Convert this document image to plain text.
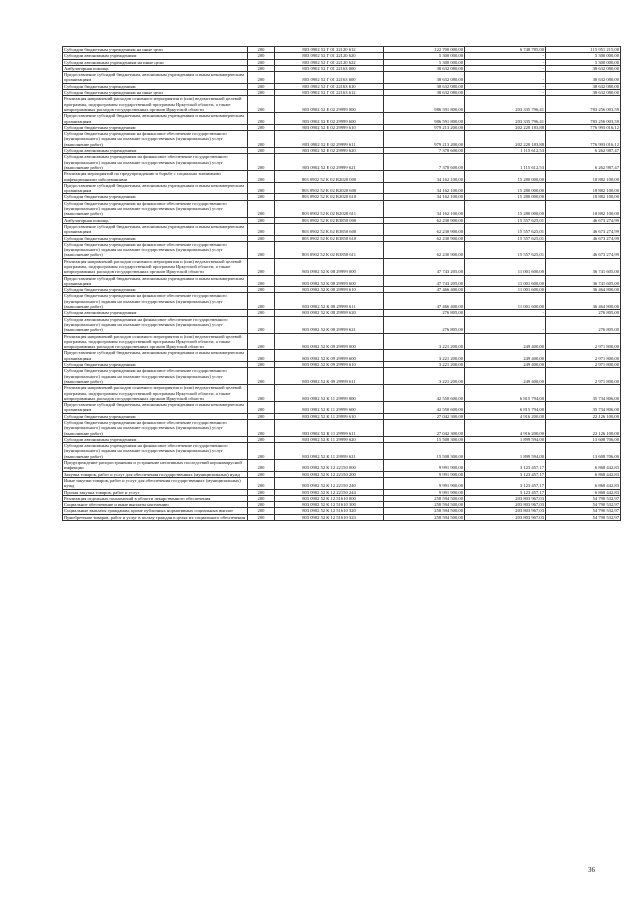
Субсидии бюджетным учреждениям на иные цели	200	803 0902 52 Г 01 22120 612	122 700 000,00	6 748 785,00	115 951 215,00
Субсидии автономным учреждениям	200	803 0902 52 Г 01 22120 620	5 300 000,00	-	5 300 000,00
Субсидии автономным учреждениям на иные цели	200	803 0902 52 Г 01 22120 622	5 300 000,00	-	5 300 000,00
Амбулаторная помощь	200	803 0902 52 Г 01 22163 000	38 632 080,00	-	38 632 080,00
Предоставление субсидий бюджетным, автономным учреждениям и иным некоммерческим организациям	200	803 0902 52 Г 01 22163 600	38 632 080,00	-	38 632 080,00
Субсидии бюджетным учреждениям	200	803 0902 52 Г 01 22163 610	38 632 080,00	-	38 632 080,00
Субсидии бюджетным учреждениям на иные цели	200	803 0902 52 Г 01 22163 612	38 632 080,00	-	38 632 080,00
Реализация направлений расходов основного мероприятия и (или) ведомственной целевой программы, подпрограммы государственной программы Иркутской области, а также непрограммных расходов государственных органов Иркутской области	200	803 0902 52 Е 02 29999 000	986 591 800,00	203 335 796,41	783 256 003,59
Предоставление субсидий бюджетным, автономным учреждениям и иным некоммерческим организациям	200	803 0902 52 Е 02 29999 600	986 591 800,00	203 335 796,41	783 256 003,59
Субсидии бюджетным учреждениям	200	803 0902 52 Е 02 29999 610	979 213 200,00	202 220 183,88	776 993 016,12
Субсидии бюджетным учреждениям на финансовое обеспечение государственного (муниципального) задания на оказание государственных (муниципальных) услуг (выполнение работ)	200	803 0902 52 Е 02 29999 611	979 213 200,00	202 220 183,88	776 993 016,12
Субсидии автономным учреждениям	200	803 0902 52 Е 02 29999 620	7 378 600,00	1 115 612,53	6 262 987,47
Субсидии автономным учреждениям на финансовое обеспечение государственного (муниципального) задания на оказание государственных (муниципальных) услуг (выполнение работ)	200	803 0902 52 Е 02 29999 621	7 378 600,00	1 115 612,53	6 262 987,47
Реализация мероприятий по предупреждению и борьбе с социально значимыми инфекционными заболеваниями	200	803 0902 52 К 02 R2020 000	34 162 100,00	15 280 000,00	18 882 100,00
Предоставление субсидий бюджетным, автономным учреждениям и иным некоммерческим организациям	200	803 0902 52 К 02 R2020 600	34 162 100,00	15 280 000,00	18 882 100,00
Субсидии бюджетным учреждениям	200	803 0902 52 К 02 R2020 610	34 162 100,00	15 280 000,00	18 882 100,00
Субсидии бюджетным учреждениям на финансовое обеспечение государственного (муниципального) задания на оказание государственных (муниципальных) услуг (выполнение работ)	200	803 0902 52 К 02 R2020 611	34 162 100,00	15 280 000,00	18 882 100,00
Амбулаторная помощь	200	803 0902 52 К 02 R3850 000	62 230 900,00	15 557 625,01	46 673 274,99
Предоставление субсидий бюджетным, автономным учреждениям и иным некоммерческим организациям	200	803 0902 52 К 02 R3850 600	62 230 900,00	15 557 625,01	46 673 274,99
Субсидии бюджетным учреждениям	200	803 0902 52 К 02 R3850 610	62 230 900,00	15 557 625,01	46 673 274,99
Субсидии бюджетным учреждениям на финансовое обеспечение государственного (муниципального) задания на оказание государственных (муниципальных) услуг (выполнение работ)	200	803 0902 52 К 02 R3850 611	62 230 900,00	15 557 625,01	46 673 274,99
Реализация направлений расходов основного мероприятия и (или) ведомственной целевой программы, подпрограммы государственной программы Иркутской области, а также непрограммных расходов государственных органов Иркутской области	200	803 0902 52 К 08 29999 000	47 743 205,00	11 001 600,00	36 741 605,00
Предоставление субсидий бюджетным, автономным учреждениям и иным некоммерческим организациям	200	803 0902 52 К 08 29999 600	47 743 205,00	11 001 600,00	36 741 605,00
Субсидии бюджетным учреждениям	200	803 0902 52 К 08 29999 610	47 466 400,00	11 001 600,00	36 464 800,00
Субсидии бюджетным учреждениям на финансовое обеспечение государственного (муниципального) задания на оказание государственных (муниципальных) услуг (выполнение работ)	200	803 0902 52 К 08 29999 611	47 466 400,00	11 001 600,00	36 464 800,00
Субсидии автономным учреждениям	200	803 0902 52 К 08 29999 620	276 805,00	-	276 805,00
Субсидии автономным учреждениям на финансовое обеспечение государственного (муниципального) задания на оказание государственных (муниципальных) услуг (выполнение работ)	200	803 0902 52 К 08 29999 621	276 805,00	-	276 805,00
Реализация направлений расходов основного мероприятия и (или) ведомственной целевой программы, подпрограммы государственной программы Иркутской области, а также непрограммных расходов государственных органов Иркутской области	200	803 0902 52 К 09 29999 000	3 221 200,00	249 400,00	2 971 800,00
Предоставление субсидий бюджетным, автономным учреждениям и иным некоммерческим организациям	200	803 0902 52 К 09 29999 600	3 221 200,00	249 400,00	2 971 800,00
Субсидии бюджетным учреждениям	200	803 0902 52 К 09 29999 610	3 221 200,00	249 400,00	2 971 800,00
Субсидии бюджетным учреждениям на финансовое обеспечение государственного (муниципального) задания на оказание государственных (муниципальных) услуг (выполнение работ)	200	803 0902 52 К 09 29999 611	3 221 200,00	249 400,00	2 971 800,00
Реализация направлений расходов основного мероприятия и (или) ведомственной целевой программы, подпрограммы государственной программы Иркутской области, а также непрограммных расходов государственных органов Иркутской области	200	803 0902 52 К 11 29999 000	42 550 600,00	6 815 794,00	35 734 806,00
Предоставление субсидий бюджетным, автономным учреждениям и иным некоммерческим организациям	200	803 0902 52 К 11 29999 600	42 550 600,00	6 815 794,00	35 734 806,00
Субсидии бюджетным учреждениям	200	803 0902 52 К 11 29999 610	27 042 300,00	4 916 200,00	22 126 100,00
Субсидии бюджетным учреждениям на финансовое обеспечение государственного (муниципального) задания на оказание государственных (муниципальных) услуг (выполнение работ)	200	803 0902 52 К 11 29999 611	27 042 300,00	4 916 200,00	22 126 100,00
Субсидии автономным учреждениям	200	803 0902 52 К 11 29999 620	15 508 300,00	1 899 594,00	13 608 706,00
Субсидии автономным учреждениям на финансовое обеспечение государственного (муниципального) задания на оказание государственных (муниципальных) услуг (выполнение работ)	200	803 0902 52 К 11 29999 621	15 508 300,00	1 899 594,00	13 608 706,00
Предупреждение распространения и устранение негативных последствий коронавирусной инфекции	200	803 0902 52 К 12 22150 000	9 991 900,00	3 123 457,17	6 868 442,83
Закупка товаров, работ и услуг для обеспечения государственных (муниципальных) нужд	200	803 0902 52 К 12 22150 200	9 991 900,00	3 123 457,17	6 868 442,83
Иные закупки товаров, работ и услуг для обеспечения государственных (муниципальных) нужд	200	803 0902 52 К 12 22150 240	9 991 900,00	3 123 457,17	6 868 442,83
Прочая закупка товаров, работ и услуг	200	803 0902 52 К 12 22150 244	9 991 900,00	3 123 457,17	6 868 442,83
Реализация отдельных полномочий в области лекарственного обеспечения	200	803 0902 52 К 12 51610 000	258 594 500,00	203 803 967,03	54 790 532,97
Социальное обеспечение и иные выплаты населению	200	803 0902 52 К 12 51610 300	258 594 500,00	203 803 967,03	54 790 532,97
Социальные выплаты гражданам, кроме публичных нормативных социальных выплат	200	803 0902 52 К 12 51610 320	258 594 500,00	203 803 967,03	54 790 532,97
Приобретение товаров, работ и услуг в пользу граждан в целях их социального обеспечения	200	803 0902 52 К 12 51610 323	258 594 500,00	203 803 967,03	54 790 532,97
36
